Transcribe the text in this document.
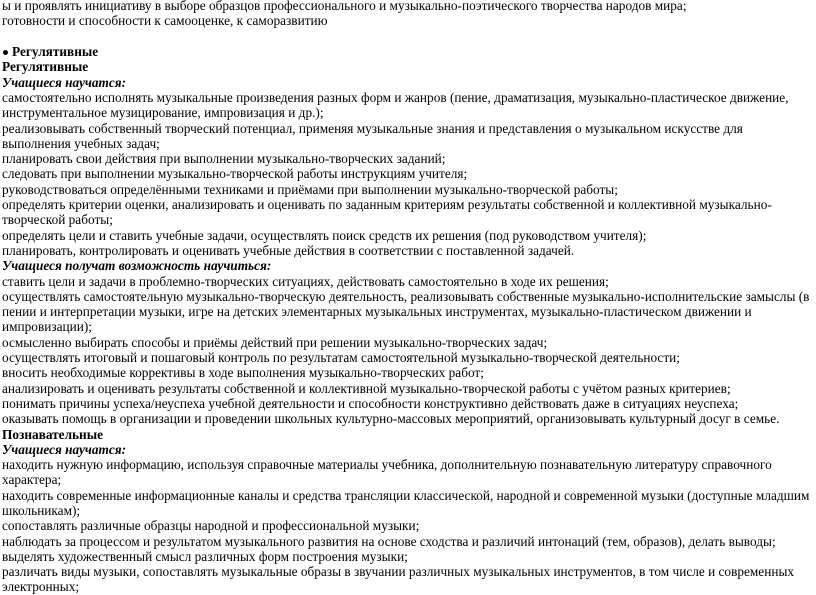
ы и проявлять инициативу в выборе образцов профессионального и музыкально-поэтического творчества народов мира;
готовности и способности к самооценке, к саморазвитию
Регулятивные
Регулятивные
Учащиеся научатся:
самостоятельно исполнять музыкальные произведения разных форм и жанров (пение, драматизация, музыкально-пластическое движение, инструментальное музицирование, импровизация и др.);
реализовывать собственный творческий потенциал, применяя музыкальные знания и представления о музыкальном искусстве для выполнения учебных задач;
планировать свои действия при выполнении музыкально-творческих заданий;
следовать при выполнении музыкально-творческой работы инструкциям учителя;
руководствоваться определёнными техниками и приёмами при выполнении музыкально-творческой работы;
определять критерии оценки, анализировать и оценивать по заданным критериям результаты собственной и коллективной музыкально-творческой работы;
определять цели и ставить учебные задачи, осуществлять поиск средств их решения (под руководством учителя);
планировать, контролировать и оценивать учебные действия в соответствии с поставленной задачей.
Учащиеся получат возможность научиться:
ставить цели и задачи в проблемно-творческих ситуациях, действовать самостоятельно в ходе их решения;
осуществлять самостоятельную музыкально-творческую деятельность, реализовывать собственные музыкально-исполнительские замыслы (в пении и интерпретации музыки, игре на детских элементарных музыкальных инструментах, музыкально-пластическом движении и импровизации);
осмысленно выбирать способы и приёмы действий при решении музыкально-творческих задач;
осуществлять итоговый и пошаговый контроль по результатам самостоятельной музыкально-творческой деятельности;
вносить необходимые коррективы в ходе выполнения музыкально-творческих работ;
анализировать и оценивать результаты собственной и коллективной музыкально-творческой работы с учётом разных критериев;
понимать причины успеха/неуспеха учебной деятельности и способности конструктивно действовать даже в ситуациях неуспеха;
оказывать помощь в организации и проведении школьных культурно-массовых мероприятий, организовывать культурный досуг в семье.
Познавательные
Учащиеся научатся:
находить нужную информацию, используя справочные материалы учебника, дополнительную познавательную литературу справочного характера;
находить современные информационные каналы и средства трансляции классической, народной и современной музыки (доступные младшим школьникам);
сопоставлять различные образцы народной и профессиональной музыки;
наблюдать за процессом и результатом музыкального развития на основе сходства и различий интонаций (тем, образов), делать выводы;
выделять художественный смысл различных форм построения музыки;
различать виды музыки, сопоставлять музыкальные образы в звучании различных музыкальных инструментов, в том числе и современных электронных;
